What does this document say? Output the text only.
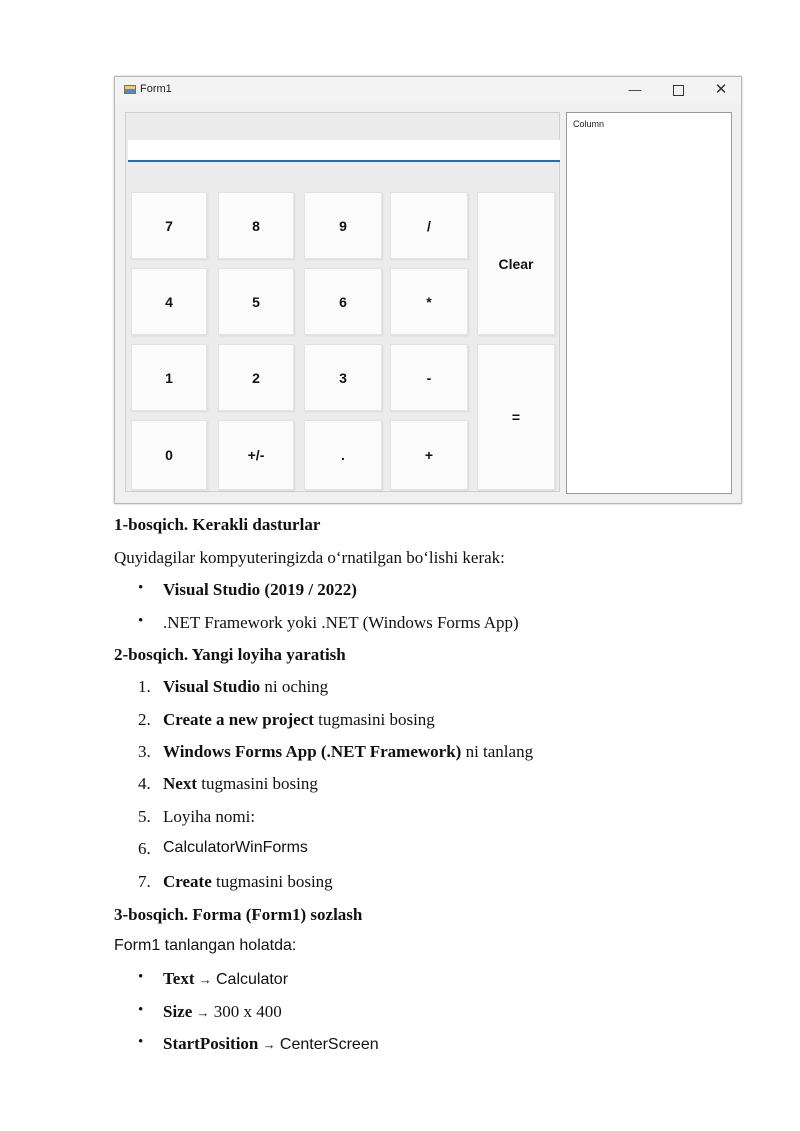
Form1	—	✕
7	8	9	/
Clear
4	5	6	*
1	2	3	-
=
0	+/-	.	+
Column
1-bosqich. Kerakli dasturlar
Quyidagilar kompyuteringizda oʻrnatilgan boʻlishi kerak:
• Visual Studio (2019 / 2022)
• .NET Framework yoki .NET (Windows Forms App)
2-bosqich. Yangi loyiha yaratish
1. Visual Studio ni oching
2. Create a new project tugmasini bosing
3. Windows Forms App (.NET Framework) ni tanlang
4. Next tugmasini bosing
5. Loyiha nomi:
6. CalculatorWinForms
7. Create tugmasini bosing
3-bosqich. Forma (Form1) sozlash
Form1 tanlangan holatda:
• Text → Calculator
• Size → 300 x 400
• StartPosition → CenterScreen
